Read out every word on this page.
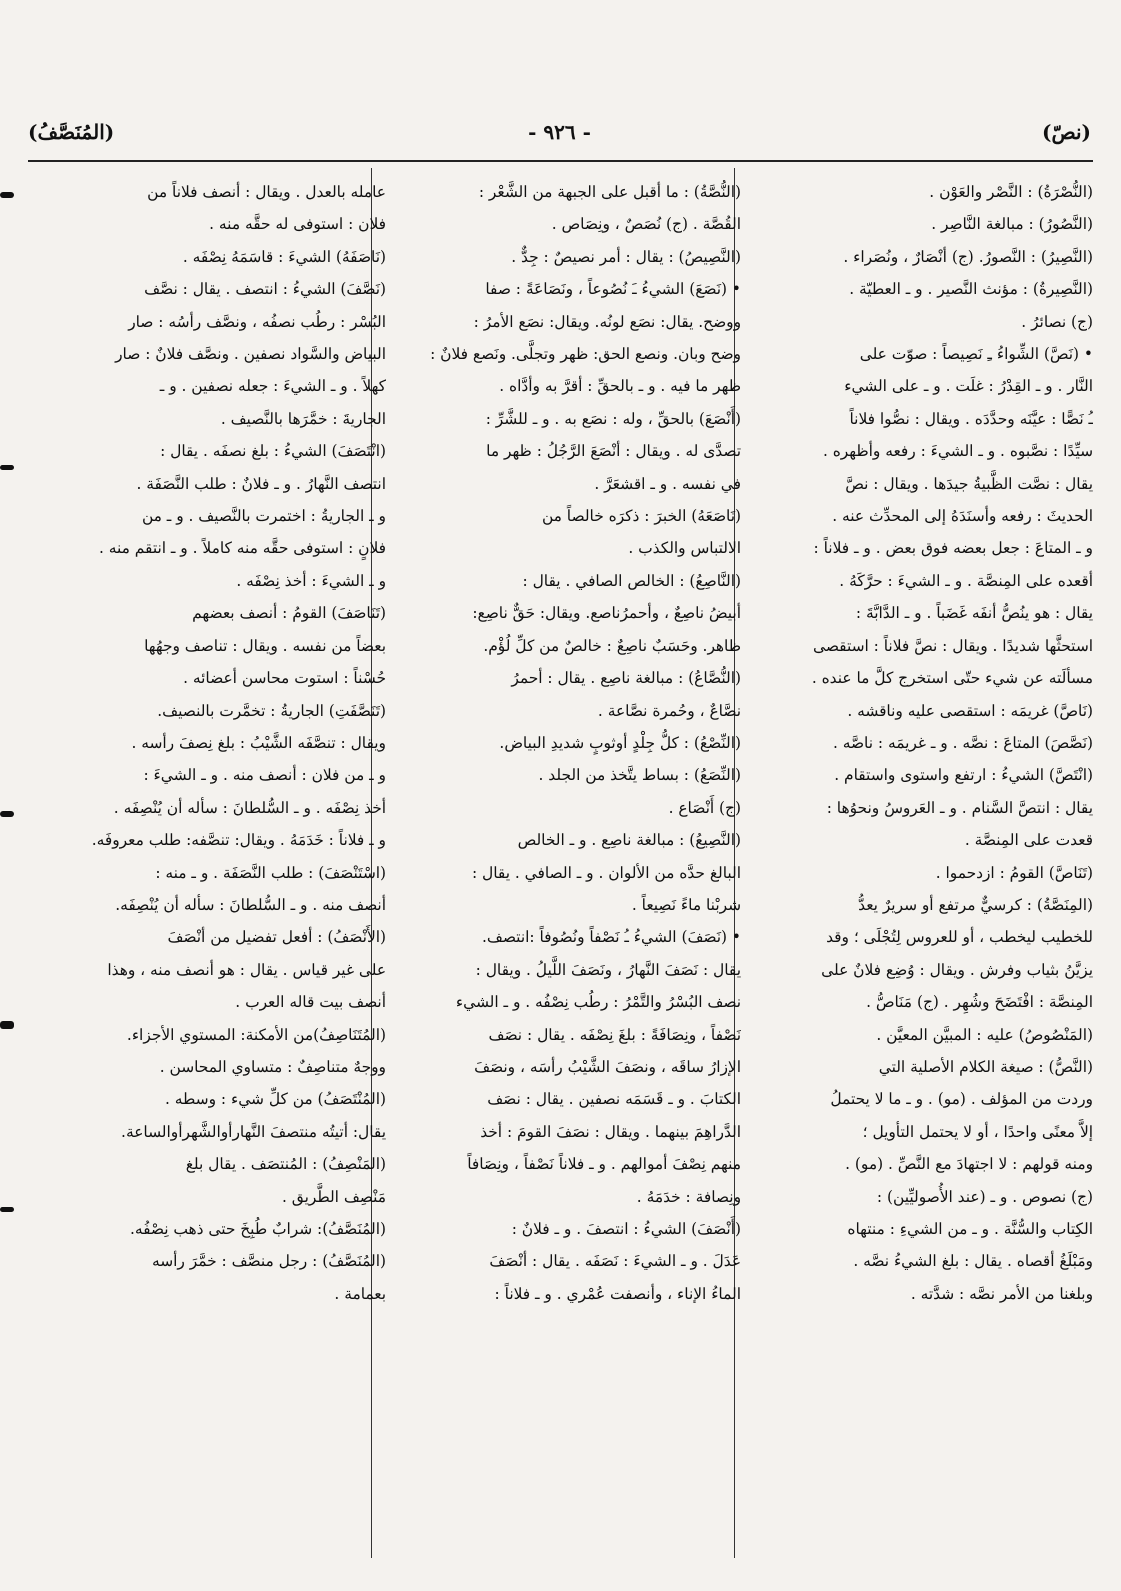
(نصّ)
- ٩٢٦ -
(المُنَصَّفُ)
(النُّصْرَةُ) : النَّصْر والعَوْن .
(النَّصُورُ) : مبالغة النَّاصِر .
(النَّصِيرُ) : النَّصورُ. (ج) أنْصَارٌ ، ونُصَراء .
(النَّصِيرةُ) : مؤنث النَّصير . و ـ العطيّة .
(ج) نصائرُ .
• (نَصَّ) الشِّواءُ ـِ نَصِيصاً : صوّت على
النَّار . و ـ القِدْرُ : غلَت . و ـ على الشيء
ـُ نَصًّا : عيَّنَه وحدَّدَه . ويقال : نصُّوا فلاناً
سيِّدًا : نصَّبوه . و ـ الشيءَ : رفعه وأظهره .
يقال : نصَّت الظَّبيةُ جيدَها . ويقال : نصَّ
الحديثَ : رفعه وأسنَدَهُ إلى المحدِّث عنه .
و ـ المتاعَ : جعل بعضه فوق بعض . و ـ فلاناً :
أقعده على المِنصَّة . و ـ الشيءَ : حرَّكَهُ .
يقال : هو ينُصُّ أنفَه غَضَباً . و ـ الدَّابَّةَ :
استحثَّها شديدًا . ويقال : نصَّ فلاناً : استقصى
مسألَته عن شيء حتّى استخرج كلَّ ما عنده .
(نَاصَّ) غريمَه : استقصى عليه وناقشه .
(نَصَّصَ) المتاعَ : نصَّه . و ـ غريمَه : ناصَّه .
(انْتَصَّ) الشيءُ : ارتفع واستوى واستقام .
يقال : انتصَّ السَّنام . و ـ العَروسُ ونحوُها :
قعدت على المِنصَّة .
(تَنَاصَّ) القومُ : ازدحموا .
(المِنَصَّةُ) : كرسيٌّ مرتفع أو سريرٌ يعدُّ
للخطيب ليخطب ، أو للعروس لِتُجْلَى ؛ وقد
يزيَّنُ بثياب وفرش . ويقال : وُضِع فلانٌ على
المِنصَّة : افْتَضَحَ وشُهِر . (ج) مَنَاصُّ .
(المَنْصُوصُ) عليه : المبيَّن المعيَّن .
(النَّصُّ) : صيغة الكلام الأصلية التي
وردت من المؤلف . (مو) . و ـ ما لا يحتملُ
إلاَّ معنًى واحدًا ، أو لا يحتمل التأويل ؛
ومنه قولهم : لا اجتهادَ مع النَّصِّ . (مو) .
(ج) نصوص . و ـ (عند الأُصوليِّين) :
الكِتاب والسُّنَّة . و ـ من الشيءِ : منتهاه
ومَبْلَغُ أقصاه . يقال : بلغ الشيءُ نصَّه .
وبلغنا من الأمر نصَّه : شدَّته .
(النُّصَّةُ) : ما أقبل على الجبهة من الشَّعْر :
القُصَّة . (ج) نُصَصٌ ، ونِصَاص .
(النَّصِيصُ) : يقال : أمر نصيصٌ : جِدٌّ .
• (نَصَعَ) الشيءُ ـَ نُصُوعاً ، ونَصَاعَةً : صفا
ووضح. يقال: نصَع لونُه. ويقال: نصَع الأمرُ :
وضح وبان. ونصع الحق: ظهر وتجلَّى. ونَصع فلانٌ :
ظهر ما فيه . و ـ بالحقِّ : أقرَّ به وأدَّاه .
(أَنْصَعَ) بالحقِّ ، وله : نصَع به . و ـ للشَّرِّ :
تصدَّى له . ويقال : أنْصَعَ الرَّجُلُ : ظهر ما
في نفسه . و ـ اقشعَرَّ .
(نَاصَعَهُ) الخبرَ : ذكرَه خالصاً من
الالتباس والكذب .
(النَّاصِعُ) : الخالص الصافي . يقال :
أبيضُ ناصِعٌ ، وأحمرُناصع. ويقال: حَقٌّ ناصِع:
ظاهر. وحَسَبٌ ناصِعٌ : خالصٌ من كلِّ لُؤْم.
(النُّصَّاعُ) : مبالغة ناصِع . يقال : أحمرُ
نصَّاعٌ ، وحُمرة نصَّاعة .
(النِّصْعُ) : كلُّ جِلْدٍ أوثوبٍ شديدِ البياض.
(النِّصَعُ) : بساط يتَّخذ من الجلد .
(ج) أَنْصَاع .
(النَّصِيعُ) : مبالغة ناصِع . و ـ الخالص
البالغ حدَّه من الألوان . و ـ الصافي . يقال :
شربْنا ماءً نَصِيعاً .
• (نَصَفَ) الشيءُ ـُ نَصْفاً ونُصُوفاً :انتصف.
يقال : نَصَفَ النَّهارُ ، ونَصَفَ اللَّيلُ . ويقال :
نصف البُسْرُ والتَّمْرُ : رطُب نِصْفُه . و ـ الشيء
نَصْفاً ، ونِصَافَةً : بلغَ نِصْفَه . يقال : نصَف
الإزارُ ساقَه ، ونصَفَ الشَّيْبُ رأسَه ، ونصَفَ
الكتابَ . و ـ قَسَمَه نصفين . يقال : نصَف
الدَّراهِمَ بينهما . ويقال : نصَفَ القومَ : أخذ
منهم نِصْفَ أموالهم . و ـ فلاناً نَصْفاً ، ونِصَافاً
ونِصافة : خدَمَهُ .
(أَنْصَفَ) الشيءُ : انتصفَ . و ـ فلانٌ :
عَدَلَ . و ـ الشيءَ : نَصَفَه . يقال : أنْصَفَ
الماءُ الإناء ، وأنصفت عُمْري . و ـ فلاناً :
عامله بالعدل . ويقال : أنصف فلاناً من
فلان : استوفى له حقَّه منه .
(نَاصَفَهُ) الشيءَ : قاسَمَهُ نِصْفَه .
(نَصَّفَ) الشيءُ : انتصف . يقال : نصَّف
البُسْر : رطُب نصفُه ، ونصَّف رأسُه : صار
البياض والسَّواد نصفين . ونصَّف فلانٌ : صار
كهلاً . و ـ الشيءَ : جعله نصفين . و ـ
الجاريةَ : خمَّرَها بالنَّصيف .
(انْتَصَفَ) الشيءُ : بلغ نصفَه . يقال :
انتصف النَّهارُ . و ـ فلانٌ : طلب النَّصَفَة .
و ـ الجاريةُ : اختمرت بالنَّصيف . و ـ من
فلانٍ : استوفى حقَّه منه كاملاً . و ـ انتقم منه .
و ـ الشيءَ : أخذ نِصْفَه .
(تَنَاصَفَ) القومُ : أنصف بعضهم
بعضاً من نفسه . ويقال : تناصف وجهُها
حُسْناً : استوت محاسن أعضائه .
(تَنَصَّفَتِ) الجاريةُ : تخمَّرت بالنصيف.
ويقال : تنصَّفَه الشَّيْبُ : بلغ نِصفَ رأسه .
و ـ من فلان : أنصف منه . و ـ الشيءَ :
أخذ نِصْفَه . و ـ السُّلطانَ : سأله أن يُنْصِفَه .
و ـ فلاناً : خَدَمَهُ . ويقال: تنصَّفه: طلب معروفَه.
(اسْتَنْصَفَ) : طلب النَّصَفَة . و ـ منه :
أنصف منه . و ـ السُّلطانَ : سأله أن يُنْصِفَه.
(الأَنْصَفُ) : أفعل تفضيل من أنْصَفَ
على غير قياس . يقال : هو أنصف منه ، وهذا
أنصف بيت قاله العرب .
(المُتَنَاصِفُ)من الأمكنة: المستوي الأجزاء.
ووجهٌ متناصِفٌ : متساوي المحاسن .
(المُنْتَصَفُ) من كلِّ شيء : وسطه .
يقال: أتيتُه منتصفَ النَّهارأوالشَّهرأوالساعة.
(المَنْصِفُ) : المُنتصَف . يقال بلغ
مَنْصِف الطَّريق .
(المُنَصَّفُ): شرابٌ طُبِخَ حتى ذهب نِصْفُه.
(المُنَصَّفُ) : رجل منصَّف : خمَّرَ رأسه
بعمامة .
